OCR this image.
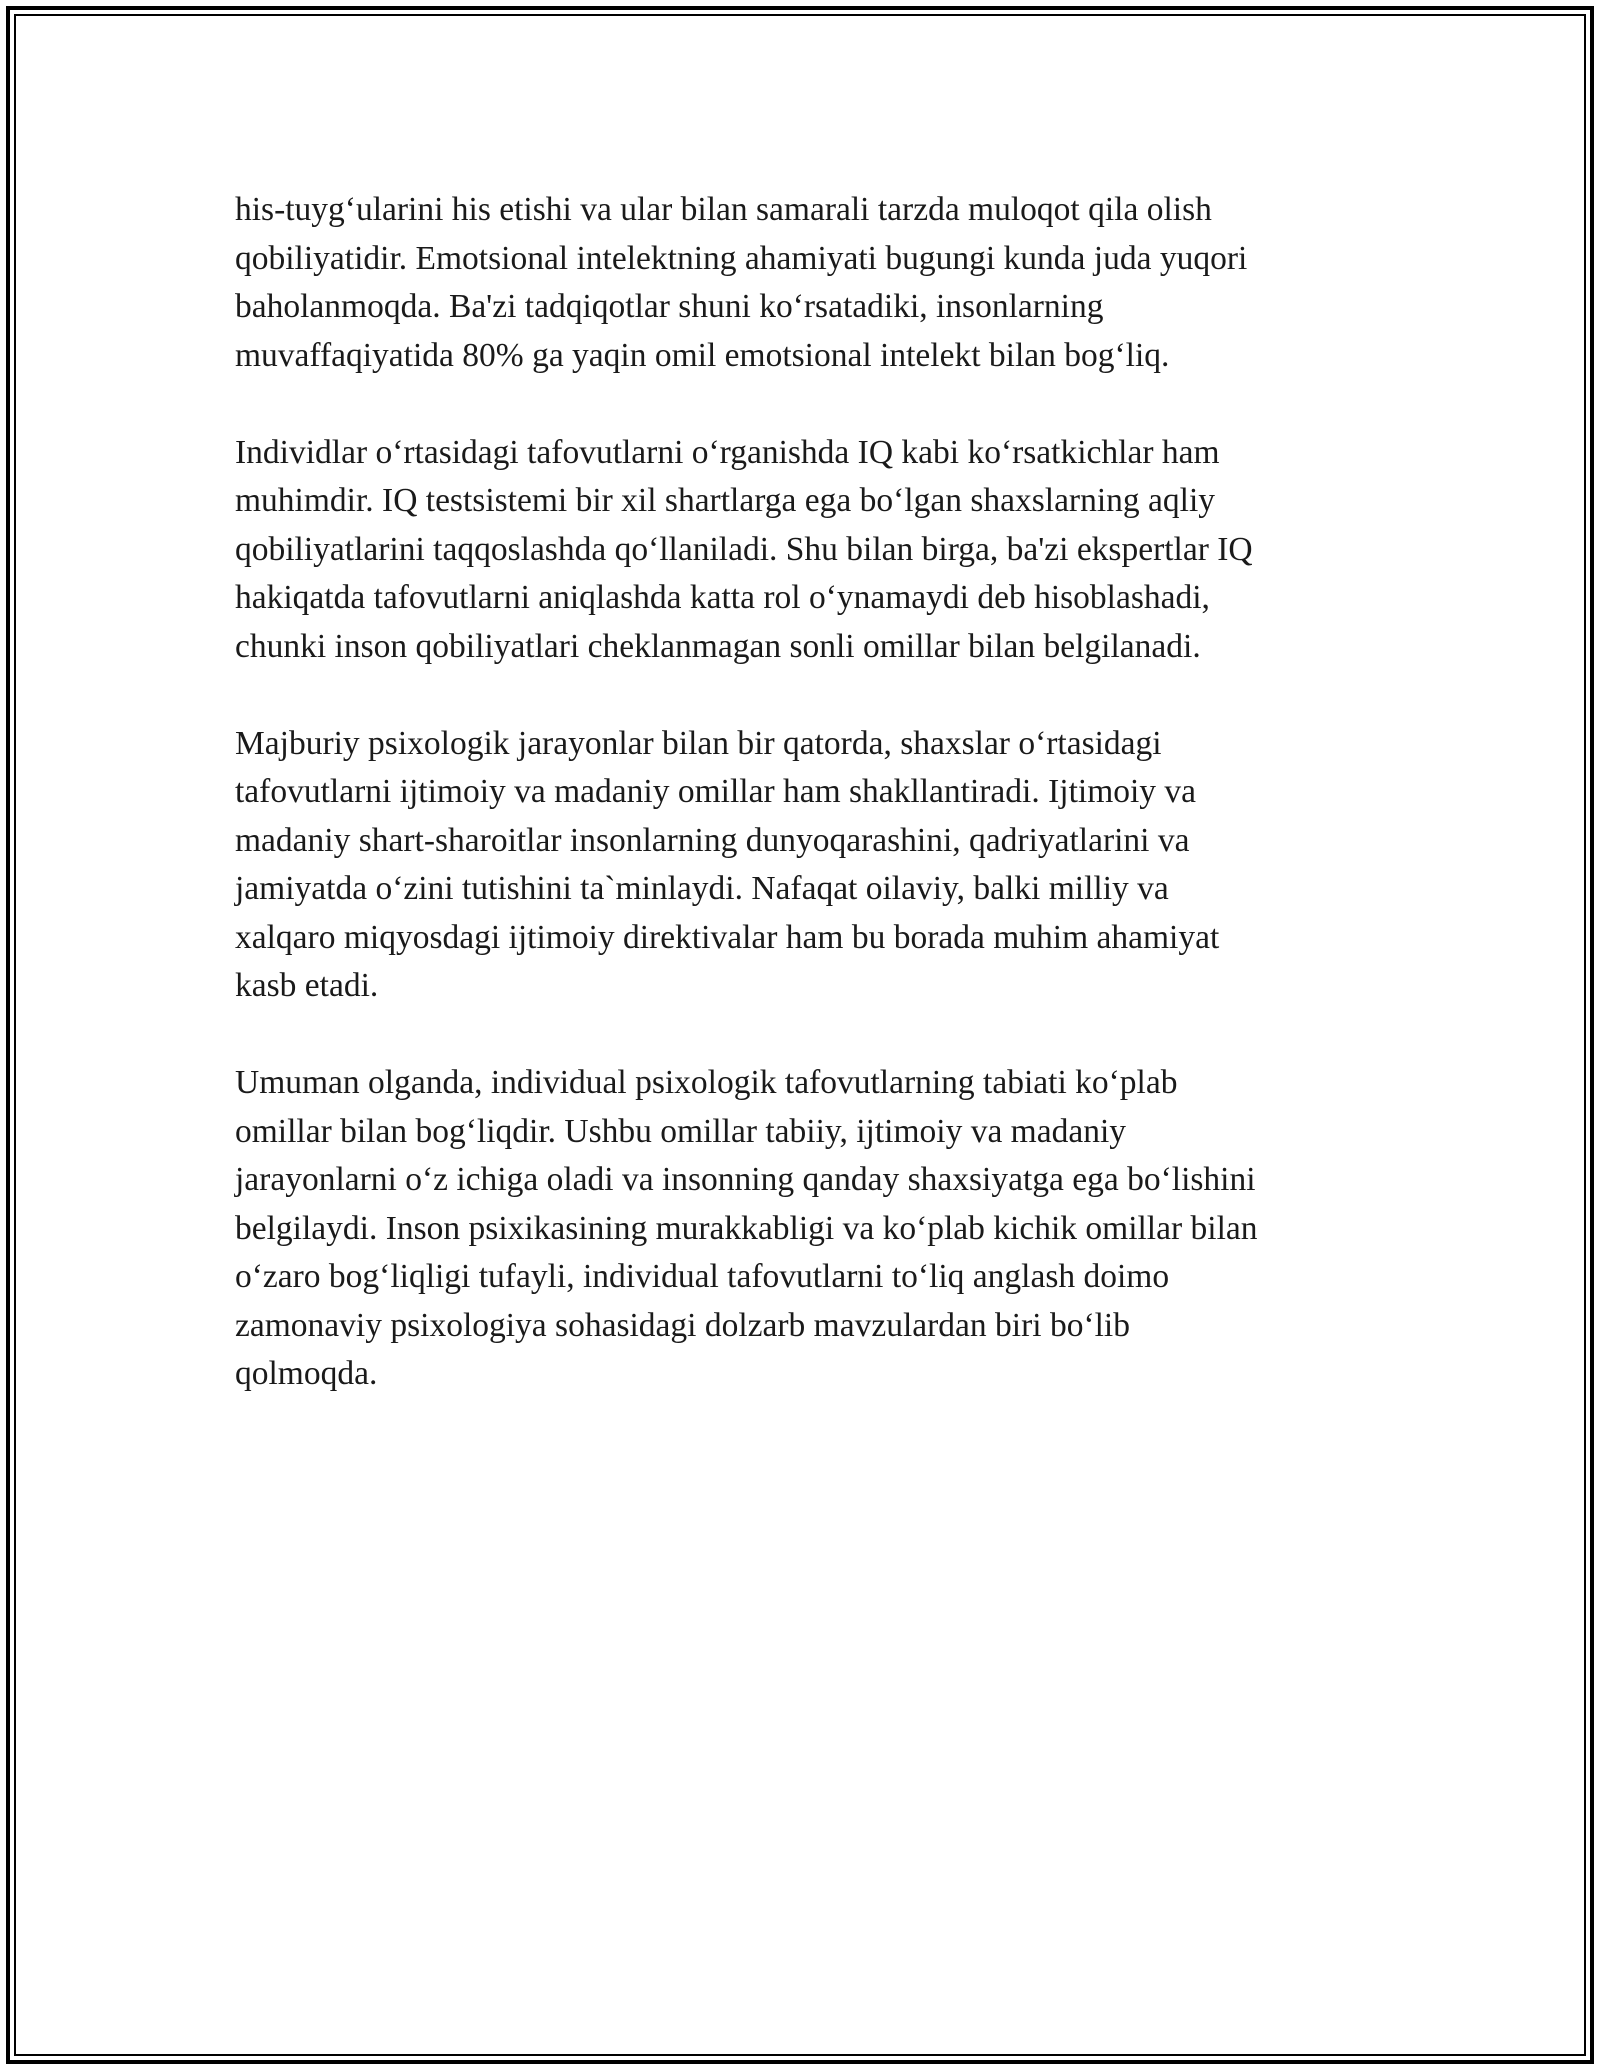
his-tuyg‘ularini his etishi va ular bilan samarali tarzda muloqot qila olish
qobiliyatidir. Emotsional intelektning ahamiyati bugungi kunda juda yuqori
baholanmoqda. Ba'zi tadqiqotlar shuni ko‘rsatadiki, insonlarning
muvaffaqiyatida 80% ga yaqin omil emotsional intelekt bilan bog‘liq.

Individlar o‘rtasidagi tafovutlarni o‘rganishda IQ kabi ko‘rsatkichlar ham
muhimdir. IQ testsistemi bir xil shartlarga ega bo‘lgan shaxslarning aqliy
qobiliyatlarini taqqoslashda qo‘llaniladi. Shu bilan birga, ba'zi ekspertlar IQ
hakiqatda tafovutlarni aniqlashda katta rol o‘ynamaydi deb hisoblashadi,
chunki inson qobiliyatlari cheklanmagan sonli omillar bilan belgilanadi.

Majburiy psixologik jarayonlar bilan bir qatorda, shaxslar o‘rtasidagi
tafovutlarni ijtimoiy va madaniy omillar ham shakllantiradi. Ijtimoiy va
madaniy shart-sharoitlar insonlarning dunyoqarashini, qadriyatlarini va
jamiyatda o‘zini tutishini ta`minlaydi. Nafaqat oilaviy, balki milliy va
xalqaro miqyosdagi ijtimoiy direktivalar ham bu borada muhim ahamiyat
kasb etadi.

Umuman olganda, individual psixologik tafovutlarning tabiati ko‘plab
omillar bilan bog‘liqdir. Ushbu omillar tabiiy, ijtimoiy va madaniy
jarayonlarni o‘z ichiga oladi va insonning qanday shaxsiyatga ega bo‘lishini
belgilaydi. Inson psixikasining murakkabligi va ko‘plab kichik omillar bilan
o‘zaro bog‘liqligi tufayli, individual tafovutlarni to‘liq anglash doimo
zamonaviy psixologiya sohasidagi dolzarb mavzulardan biri bo‘lib
qolmoqda.
